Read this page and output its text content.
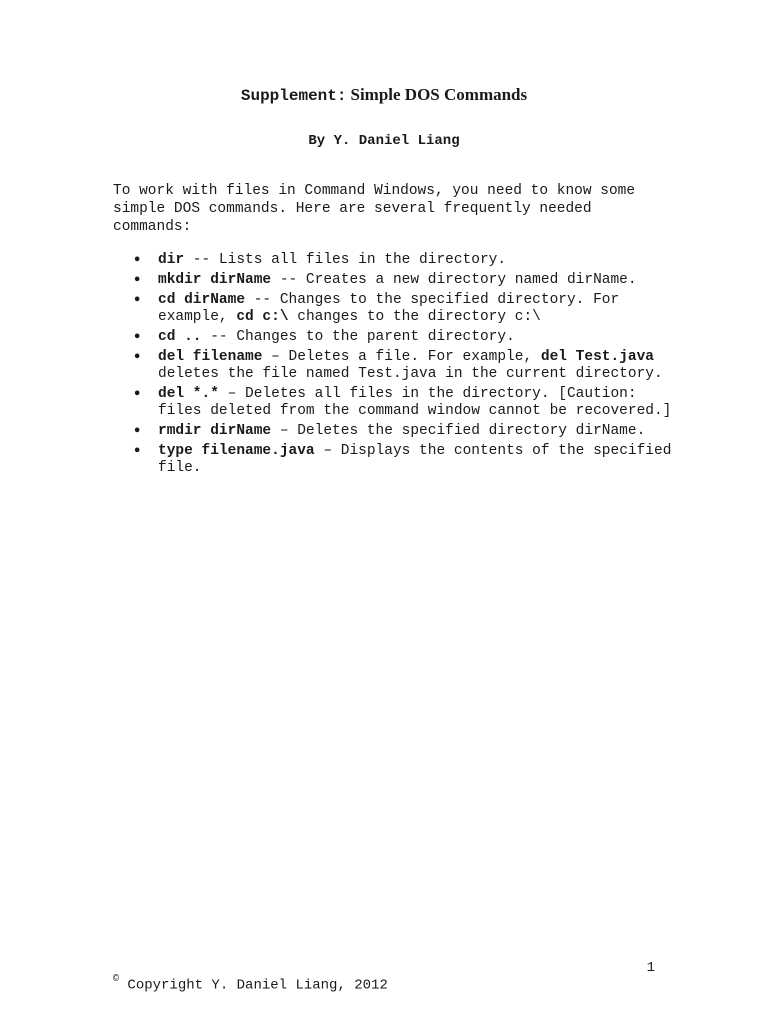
Supplement: Simple DOS Commands
By Y. Daniel Liang

To work with files in Command Windows, you need to know some simple DOS commands. Here are several frequently needed commands:

• dir -- Lists all files in the directory.
• mkdir dirName -- Creates a new directory named dirName.
• cd dirName -- Changes to the specified directory. For example, cd c:\ changes to the directory c:\
• cd .. -- Changes to the parent directory.
• del filename – Deletes a file. For example, del Test.java deletes the file named Test.java in the current directory.
• del *.* – Deletes all files in the directory. [Caution: files deleted from the command window cannot be recovered.]
• rmdir dirName – Deletes the specified directory dirName.
• type filename.java – Displays the contents of the specified file.
1
© Copyright Y. Daniel Liang, 2012
